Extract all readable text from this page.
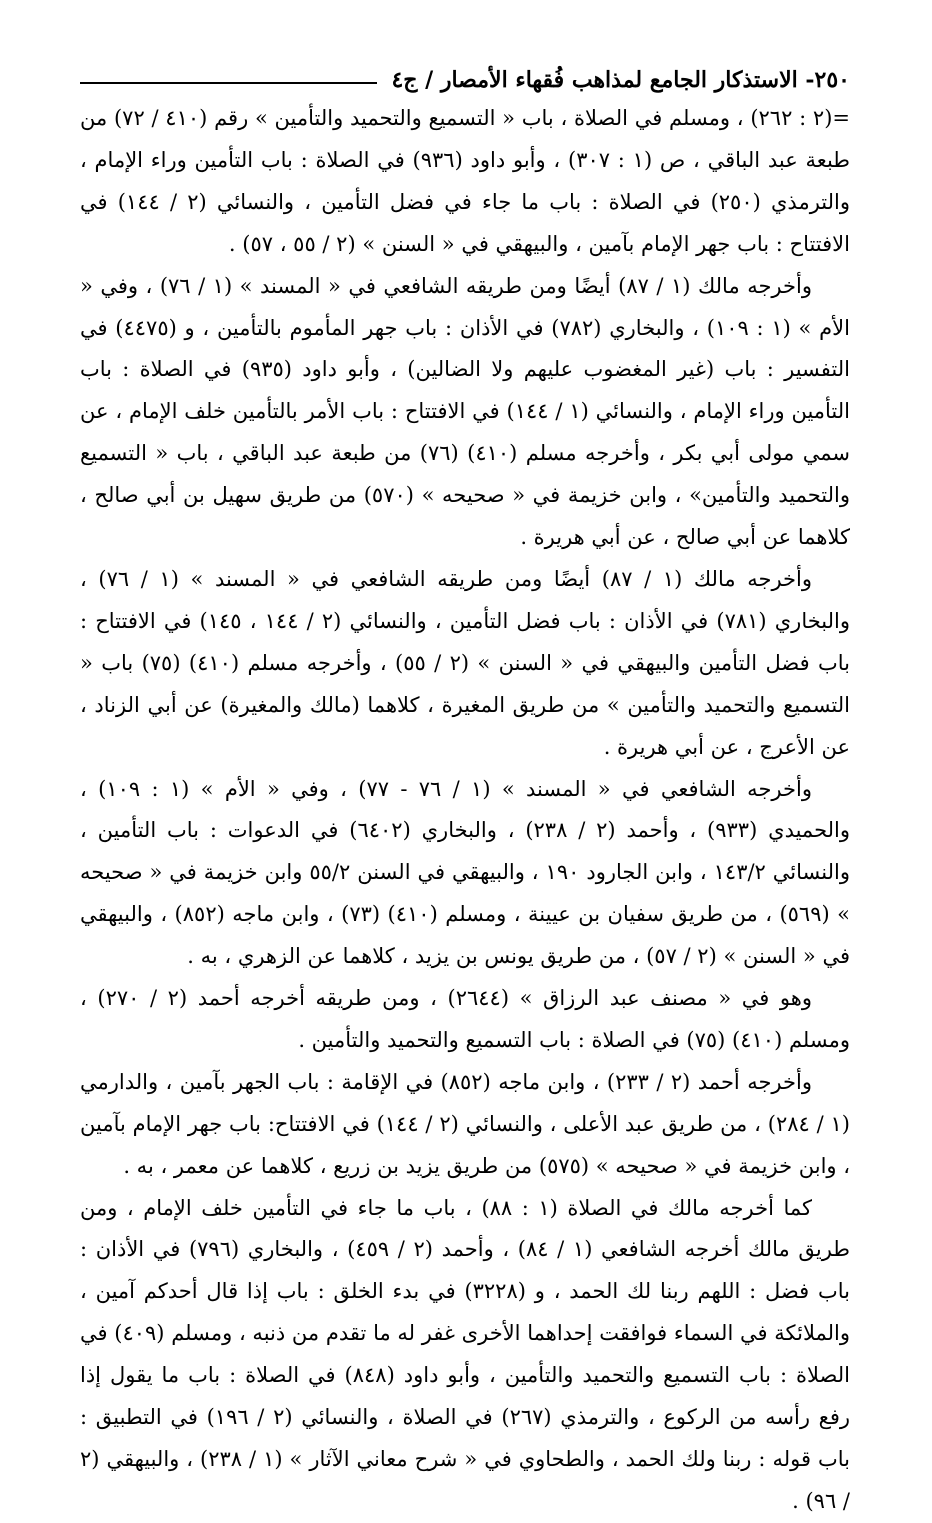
٢٥٠- الاستذكار الجامع لمذاهب فُقهاء الأمصار / ج٤

=(٢ : ٢٦٢) ، ومسلم في الصلاة ، باب « التسميع والتحميد والتأمين » رقم (٤١٠ / ٧٢) من طبعة عبد الباقي ، ص (١ : ٣٠٧) ، وأبو داود (٩٣٦) في الصلاة : باب التأمين وراء الإمام ، والترمذي (٢٥٠) في الصلاة : باب ما جاء في فضل التأمين ، والنسائي (٢ / ١٤٤) في الافتتاح : باب جهر الإمام بآمين ، والبيهقي في « السنن » (٢ / ٥٥ ، ٥٧) .

وأخرجه مالك (١ / ٨٧) أيضًا ومن طريقه الشافعي في « المسند » (١ / ٧٦) ، وفي « الأم » (١ : ١٠٩) ، والبخاري (٧٨٢) في الأذان : باب جهر المأموم بالتأمين ، و (٤٤٧٥) في التفسير : باب (غير المغضوب عليهم ولا الضالين) ، وأبو داود (٩٣٥) في الصلاة : باب التأمين وراء الإمام ، والنسائي (١ / ١٤٤) في الافتتاح : باب الأمر بالتأمين خلف الإمام ، عن سمي مولى أبي بكر ، وأخرجه مسلم (٤١٠) (٧٦) من طبعة عبد الباقي ، باب « التسميع والتحميد والتأمين» ، وابن خزيمة في « صحيحه » (٥٧٠) من طريق سهيل بن أبي صالح ، كلاهما عن أبي صالح ، عن أبي هريرة .

وأخرجه مالك (١ / ٨٧) أيضًا ومن طريقه الشافعي في « المسند » (١ / ٧٦) ، والبخاري (٧٨١) في الأذان : باب فضل التأمين ، والنسائي (٢ / ١٤٤ ، ١٤٥) في الافتتاح : باب فضل التأمين والبيهقي في « السنن » (٢ / ٥٥) ، وأخرجه مسلم (٤١٠) (٧٥) باب « التسميع والتحميد والتأمين » من طريق المغيرة ، كلاهما (مالك والمغيرة) عن أبي الزناد ، عن الأعرج ، عن أبي هريرة .

وأخرجه الشافعي في « المسند » (١ / ٧٦ - ٧٧) ، وفي « الأم » (١ : ١٠٩) ، والحميدي (٩٣٣) ، وأحمد (٢ / ٢٣٨) ، والبخاري (٦٤٠٢) في الدعوات : باب التأمين ، والنسائي ١٤٣/٢ ، وابن الجارود ١٩٠ ، والبيهقي في السنن ٥٥/٢ وابن خزيمة في « صحيحه » (٥٦٩) ، من طريق سفيان بن عيينة ، ومسلم (٤١٠) (٧٣) ، وابن ماجه (٨٥٢) ، والبيهقي في « السنن » (٢ / ٥٧) ، من طريق يونس بن يزيد ، كلاهما عن الزهري ، به .

وهو في « مصنف عبد الرزاق » (٢٦٤٤) ، ومن طريقه أخرجه أحمد (٢ / ٢٧٠) ، ومسلم (٤١٠) (٧٥) في الصلاة : باب التسميع والتحميد والتأمين .

وأخرجه أحمد (٢ / ٢٣٣) ، وابن ماجه (٨٥٢) في الإقامة : باب الجهر بآمين ، والدارمي (١ / ٢٨٤) ، من طريق عبد الأعلى ، والنسائي (٢ / ١٤٤) في الافتتاح: باب جهر الإمام بآمين ، وابن خزيمة في « صحيحه » (٥٧٥) من طريق يزيد بن زريع ، كلاهما عن معمر ، به .

كما أخرجه مالك في الصلاة (١ : ٨٨) ، باب ما جاء في التأمين خلف الإمام ، ومن طريق مالك أخرجه الشافعي (١ / ٨٤) ، وأحمد (٢ / ٤٥٩) ، والبخاري (٧٩٦) في الأذان : باب فضل : اللهم ربنا لك الحمد ، و (٣٢٢٨) في بدء الخلق : باب إذا قال أحدكم آمين ، والملائكة في السماء فوافقت إحداهما الأخرى غفر له ما تقدم من ذنبه ، ومسلم (٤٠٩) في الصلاة : باب التسميع والتحميد والتأمين ، وأبو داود (٨٤٨) في الصلاة : باب ما يقول إذا رفع رأسه من الركوع ، والترمذي (٢٦٧) في الصلاة ، والنسائي (٢ / ١٩٦) في التطبيق : باب قوله : ربنا ولك الحمد ، والطحاوي في « شرح معاني الآثار » (١ / ٢٣٨) ، والبيهقي (٢ / ٩٦) .
